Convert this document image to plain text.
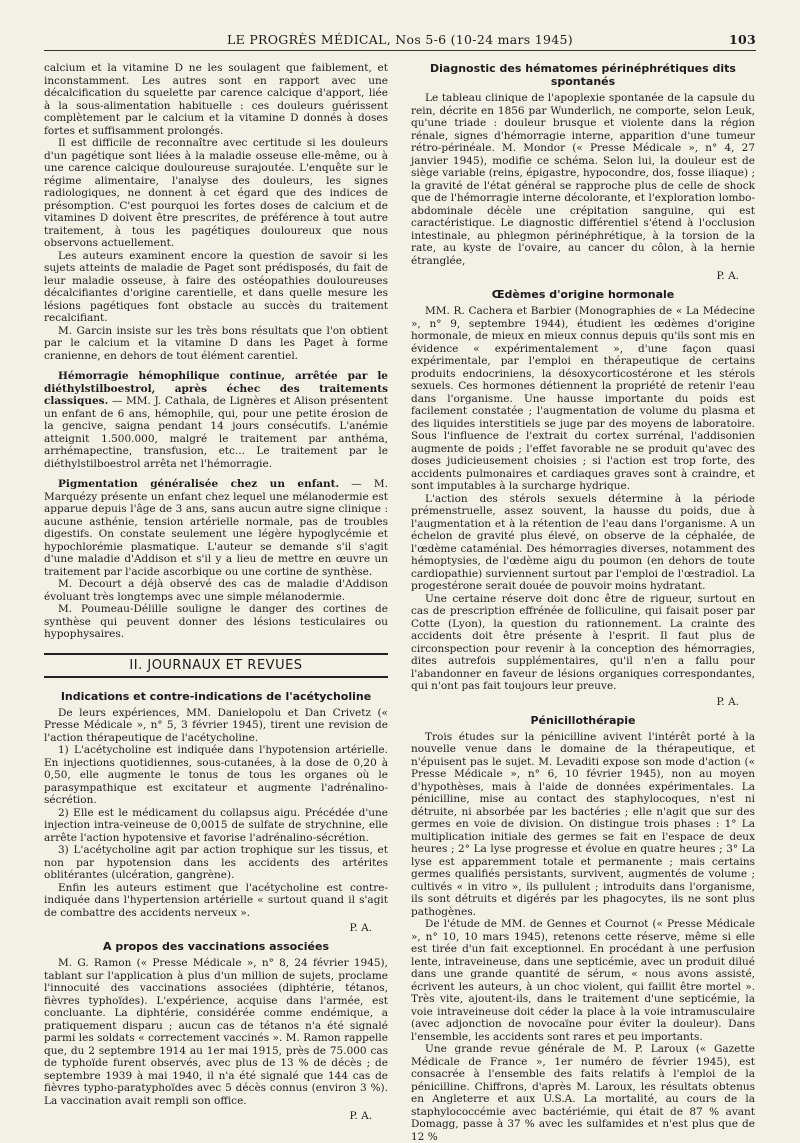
LE PROGRÈS MÉDICAL, Nos 5-6 (10-24 mars 1945)	103

calcium et la vitamine D ne les soulagent que faiblement, et inconstamment. Les autres sont en rapport avec une décalcification du squelette par carence calcique d'apport, liée à la sous-alimentation habituelle : ces douleurs guérissent complètement par le calcium et la vitamine D donnés à doses fortes et suffisamment prolongés.

Il est difficile de reconnaître avec certitude si les douleurs d'un pagétique sont liées à la maladie osseuse elle-même, ou à une carence calcique douloureuse surajoutée. L'enquête sur le régime alimentaire, l'analyse des douleurs, les signes radiologiques, ne donnent à cet égard que des indices de présomption. C'est pourquoi les fortes doses de calcium et de vitamines D doivent être prescrites, de préférence à tout autre traitement, à tous les pagétiques douloureux que nous observons actuellement.

Les auteurs examinent encore la question de savoir si les sujets atteints de maladie de Paget sont prédisposés, du fait de leur maladie osseuse, à faire des ostéopathies douloureuses décalcifiantes d'origine carentielle, et dans quelle mesure les lésions pagétiques font obstacle au succès du traitement recalcifiant.

M. Garcin insiste sur les très bons résultats que l'on obtient par le calcium et la vitamine D dans les Paget à forme cranienne, en dehors de tout élément carentiel.

Hémorragie hémophilique continue, arrêtée par le diéthylstilboestrol, après échec des traitements classiques. — MM. J. Cathala, de Lignères et Alison présentent un enfant de 6 ans, hémophile, qui, pour une petite érosion de la gencive, saigna pendant 14 jours consécutifs. L'anémie atteignit 1.500.000, malgré le traitement par anthéma, arrhémapectine, transfusion, etc... Le traitement par le diéthylstilboestrol arrêta net l'hémorragie.

Pigmentation généralisée chez un enfant. — M. Marquézy présente un enfant chez lequel une mélanodermie est apparue depuis l'âge de 3 ans, sans aucun autre signe clinique : aucune asthénie, tension artérielle normale, pas de troubles digestifs. On constate seulement une légère hypoglycémie et hypochlorémie plasmatique. L'auteur se demande s'il s'agit d'une maladie d'Addison et s'il y a lieu de mettre en œuvre un traitement par l'acide ascorbique ou une cortine de synthèse.

M. Decourt a déjà observé des cas de maladie d'Addison évoluant très longtemps avec une simple mélanodermie.

M. Poumeau-Délille souligne le danger des cortines de synthèse qui peuvent donner des lésions testiculaires ou hypophysaires.

II. JOURNAUX ET REVUES
Indications et contre-indications de l'acétycholine

De leurs expériences, MM. Danielopolu et Dan Crivetz (« Presse Médicale », n° 5, 3 février 1945), tirent une revision de l'action thérapeutique de l'acétycholine.

1) L'acétycholine est indiquée dans l'hypotension artérielle. En injections quotidiennes, sous-cutanées, à la dose de 0,20 à 0,50, elle augmente le tonus de tous les organes où le parasympathique est excitateur et augmente l'adrénalino-sécrétion.

2) Elle est le médicament du collapsus aigu. Précédée d'une injection intra-veineuse de 0,0015 de sulfate de strychnine, elle arrête l'action hypotensive et favorise l'adrénalino-sécrétion.

3) L'acétycholine agit par action trophique sur les tissus, et non par hypotension dans les accidents des artérites oblitérantes (ulcération, gangrène).

Enfin les auteurs estiment que l'acétycholine est contre-indiquée dans l'hypertension artérielle « surtout quand il s'agit de combattre des accidents nerveux ».

P. A.
A propos des vaccinations associées

M. G. Ramon (« Presse Médicale », n° 8, 24 février 1945), tablant sur l'application à plus d'un million de sujets, proclame l'innocuité des vaccinations associées (diphtérie, tétanos, fièvres typhoïdes). L'expérience, acquise dans l'armée, est concluante. La diphtérie, considérée comme endémique, a pratiquement disparu ; aucun cas de tétanos n'a été signalé parmi les soldats « correctement vaccinés ». M. Ramon rappelle que, du 2 septembre 1914 au 1er mai 1915, près de 75.000 cas de typhoïde furent observés, avec plus de 13 % de décès ; de septembre 1939 à mai 1940, il n'a été signalé que 144 cas de fièvres typho-paratyphoïdes avec 5 décès connus (environ 3 %). La vaccination avait rempli son office.

P. A.
Diagnostic des hématomes périnéphrétiques dits spontanés

Le tableau clinique de l'apoplexie spontanée de la capsule du rein, décrite en 1856 par Wunderlich, ne comporte, selon Leuk, qu'une triade : douleur brusque et violente dans la région rénale, signes d'hémorragie interne, apparition d'une tumeur rétro-périnéale. M. Mondor (« Presse Médicale », n° 4, 27 janvier 1945), modifie ce schéma. Selon lui, la douleur est de siège variable (reins, épigastre, hypocondre, dos, fosse iliaque) ; la gravité de l'état général se rapproche plus de celle de shock que de l'hémorragie interne décolorante, et l'exploration lombo-abdominale décèle une crépitation sanguine, qui est caractéristique. Le diagnostic différentiel s'étend à l'occlusion intestinale, au phlegmon périnéphrétique, à la torsion de la rate, au kyste de l'ovaire, au cancer du côlon, à la hernie étranglée,

P. A.
Œdèmes d'origine hormonale

MM. R. Cachera et Barbier (Monographies de « La Médecine », n° 9, septembre 1944), étudient les œdèmes d'origine hormonale, de mieux en mieux connus depuis qu'ils sont mis en évidence « expérimentalement », d'une façon quasi expérimentale, par l'emploi en thérapeutique de certains produits endocriniens, la désoxycorticostérone et les stérols sexuels. Ces hormones détiennent la propriété de retenir l'eau dans l'organisme. Une hausse importante du poids est facilement constatée ; l'augmentation de volume du plasma et des liquides interstitiels se juge par des moyens de laboratoire. Sous l'influence de l'extrait du cortex surrénal, l'addisonien augmente de poids ; l'effet favorable ne se produit qu'avec des doses judicieusement choisies ; si l'action est trop forte, des accidents pulmonaires et cardiaques graves sont à craindre, et sont imputables à la surcharge hydrique.

L'action des stérols sexuels détermine à la période prémenstruelle, assez souvent, la hausse du poids, due à l'augmentation et à la rétention de l'eau dans l'organisme. A un échelon de gravité plus élevé, on observe de la céphalée, de l'œdème cataménial. Des hémorragies diverses, notamment des hémoptysies, de l'œdème aigu du poumon (en dehors de toute cardiopathie) surviennent surtout par l'emploi de l'œstradiol. La progestérone serait douée de pouvoir moins hydratant.

Une certaine réserve doit donc être de rigueur, surtout en cas de prescription effrénée de folliculine, qui faisait poser par Cotte (Lyon), la question du rationnement. La crainte des accidents doit être présente à l'esprit. Il faut plus de circonspection pour revenir à la conception des hémorragies, dites autrefois supplémentaires, qu'il n'en a fallu pour l'abandonner en faveur de lésions organiques correspondantes, qui n'ont pas fait toujours leur preuve.

P. A.
Pénicillothérapie

Trois études sur la pénicilline avivent l'intérêt porté à la nouvelle venue dans le domaine de la thérapeutique, et n'épuisent pas le sujet. M. Levaditi expose son mode d'action (« Presse Médicale », n° 6, 10 février 1945), non au moyen d'hypothèses, mais à l'aide de données expérimentales. La pénicilline, mise au contact des staphylocoques, n'est ni détruite, ni absorbée par les bactéries ; elle n'agit que sur des germes en voie de division. On distingue trois phases : 1° La multiplication initiale des germes se fait en l'espace de deux heures ; 2° La lyse progresse et évolue en quatre heures ; 3° La lyse est apparemment totale et permanente ; mais certains germes qualifiés persistants, survivent, augmentés de volume ; cultivés « in vitro », ils pullulent ; introduits dans l'organisme, ils sont détruits et digérés par les phagocytes, ils ne sont plus pathogènes.

De l'étude de MM. de Gennes et Cournot (« Presse Médicale », n° 10, 10 mars 1945), retenons cette réserve, même si elle est tirée d'un fait exceptionnel. En procédant à une perfusion lente, intraveineuse, dans une septicémie, avec un produit dilué dans une grande quantité de sérum, « nous avons assisté, écrivent les auteurs, à un choc violent, qui faillit être mortel ». Très vite, ajoutent-ils, dans le traitement d'une septicémie, la voie intraveineuse doit céder la place à la voie intramusculaire (avec adjonction de novocaïne pour éviter la douleur). Dans l'ensemble, les accidents sont rares et peu importants.

Une grande revue générale de M. P. Laroux (« Gazette Médicale de France », 1er numéro de février 1945), est consacrée à l'ensemble des faits relatifs à l'emploi de la pénicilline. Chiffrons, d'après M. Laroux, les résultats obtenus en Angleterre et aux U.S.A. La mortalité, au cours de la staphylococcémie avec bactériémie, qui était de 87 % avant Domagg, passe à 37 % avec les sulfamides et n'est plus que de 12 %
